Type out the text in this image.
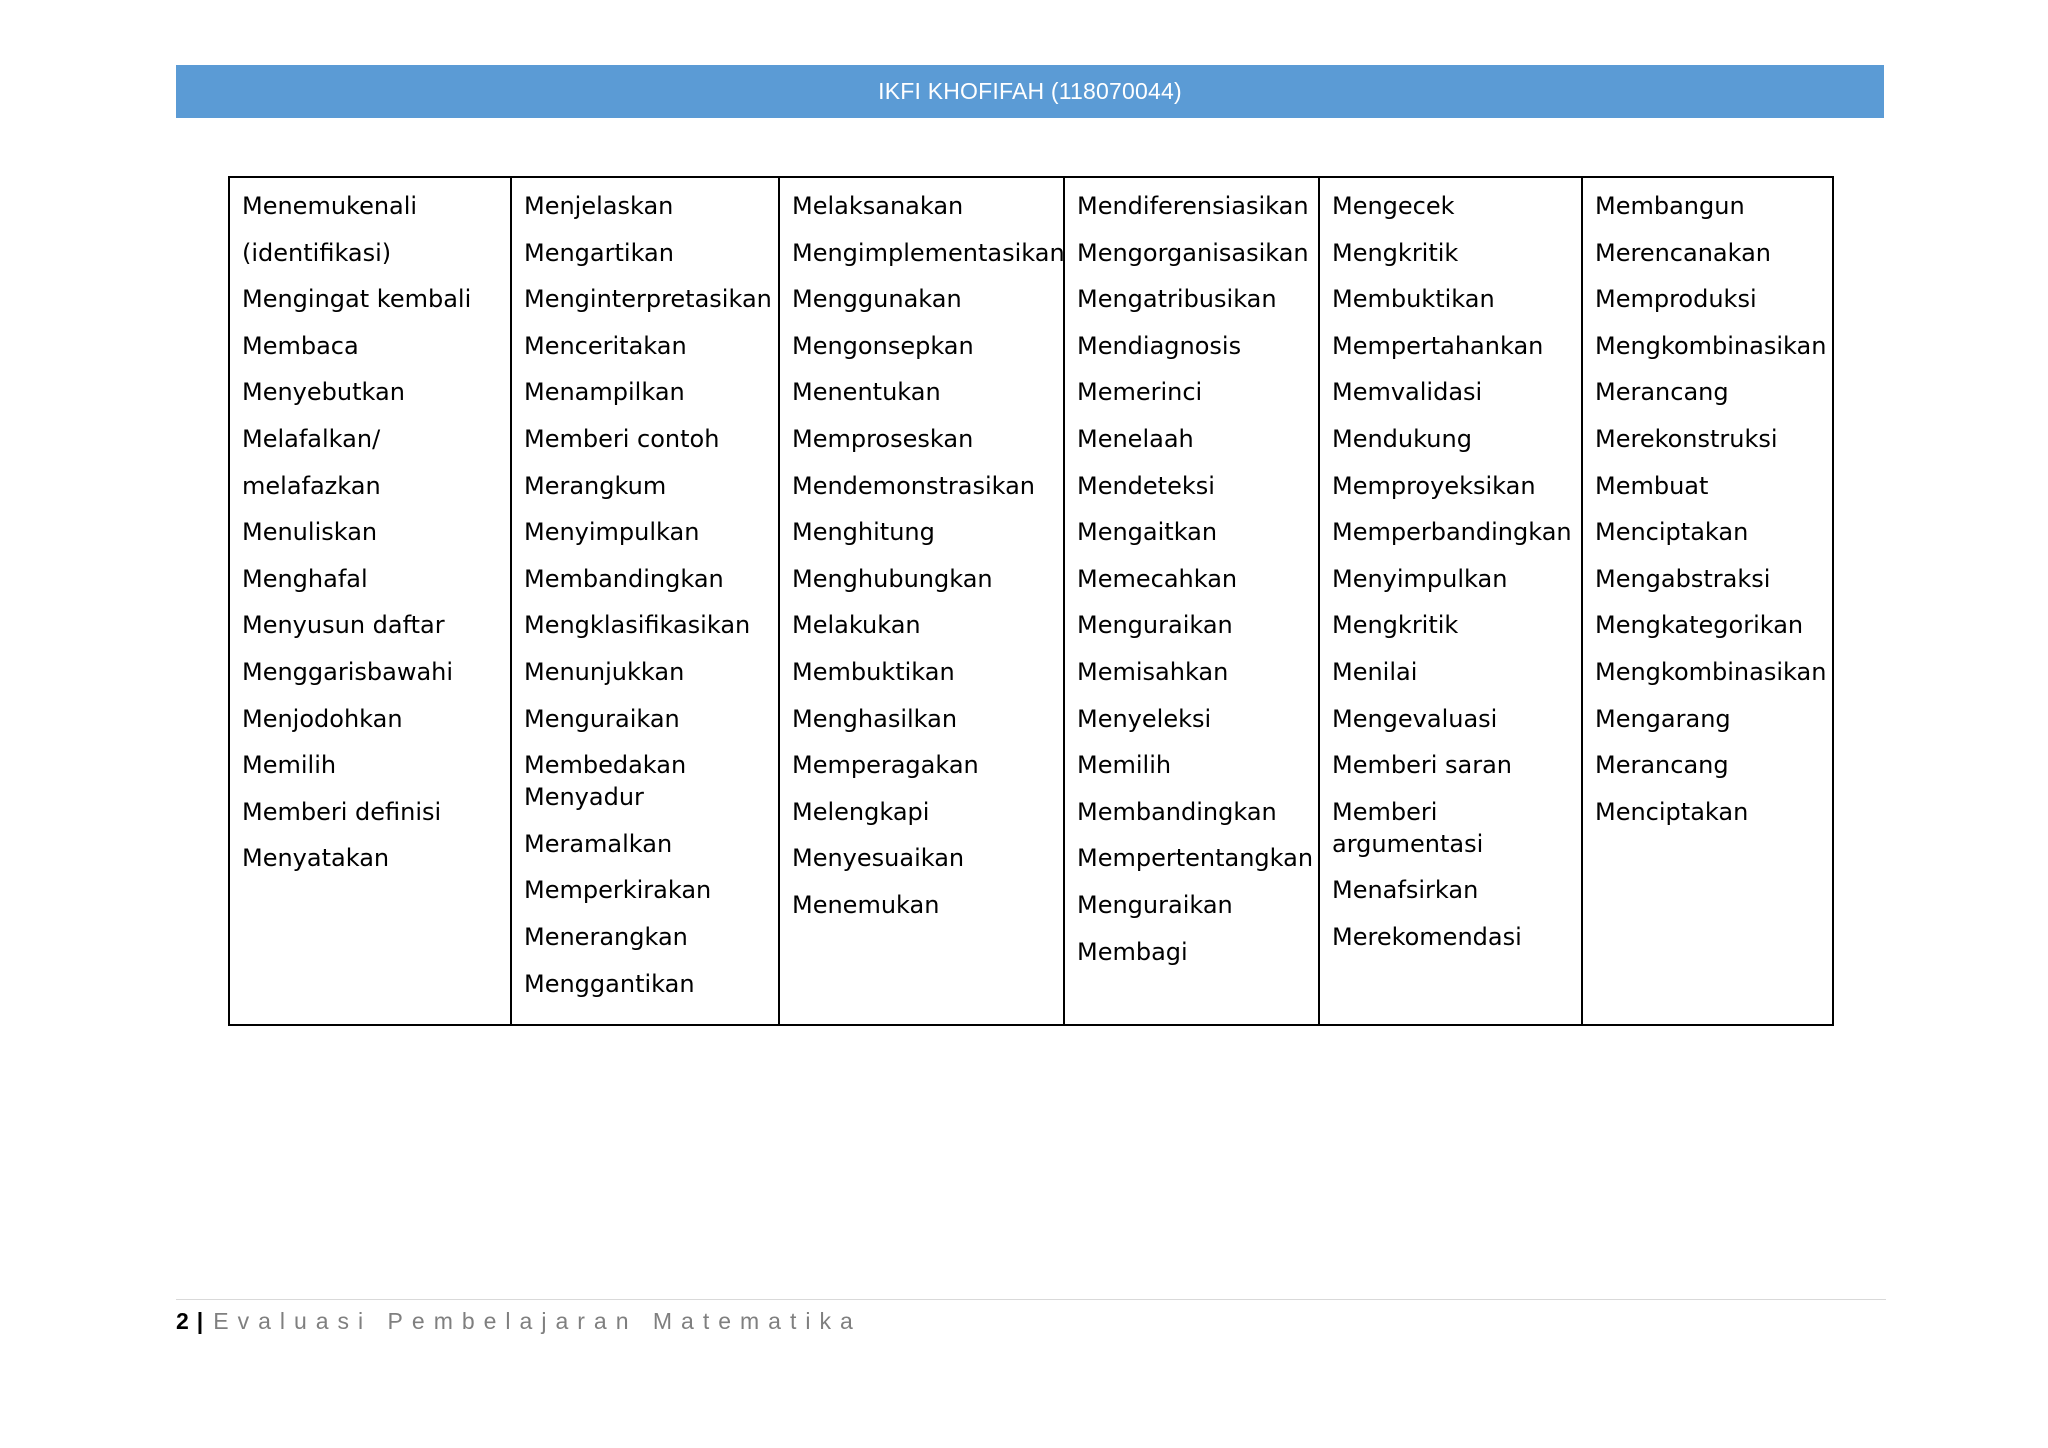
IKFI KHOFIFAH (118070044)
Menemukenali
(identifikasi)
Mengingat kembali
Membaca
Menyebutkan
Melafalkan/
melafazkan
Menuliskan
Menghafal
Menyusun daftar
Menggarisbawahi
Menjodohkan
Memilih
Memberi definisi
Menyatakan

Menjelaskan
Mengartikan
Menginterpretasikan
Menceritakan
Menampilkan
Memberi contoh
Merangkum
Menyimpulkan
Membandingkan
Mengklasifikasikan
Menunjukkan
Menguraikan
Membedakan Menyadur
Meramalkan
Memperkirakan
Menerangkan
Menggantikan

Melaksanakan
Mengimplementasikan
Menggunakan
Mengonsepkan
Menentukan
Memproseskan
Mendemonstrasikan
Menghitung
Menghubungkan
Melakukan
Membuktikan
Menghasilkan
Memperagakan
Melengkapi
Menyesuaikan
Menemukan

Mendiferensiasikan
Mengorganisasikan
Mengatribusikan
Mendiagnosis
Memerinci
Menelaah
Mendeteksi
Mengaitkan
Memecahkan
Menguraikan
Memisahkan
Menyeleksi
Memilih
Membandingkan
Mempertentangkan
Menguraikan
Membagi

Mengecek
Mengkritik
Membuktikan
Mempertahankan
Memvalidasi
Mendukung
Memproyeksikan
Memperbandingkan
Menyimpulkan
Mengkritik
Menilai
Mengevaluasi
Memberi saran
Memberi argumentasi
Menafsirkan
Merekomendasi

Membangun
Merencanakan
Memproduksi
Mengkombinasikan
Merancang
Merekonstruksi
Membuat
Menciptakan
Mengabstraksi
Mengkategorikan
Mengkombinasikan
Mengarang
Merancang
Menciptakan
2 | Evaluasi Pembelajaran Matematika
